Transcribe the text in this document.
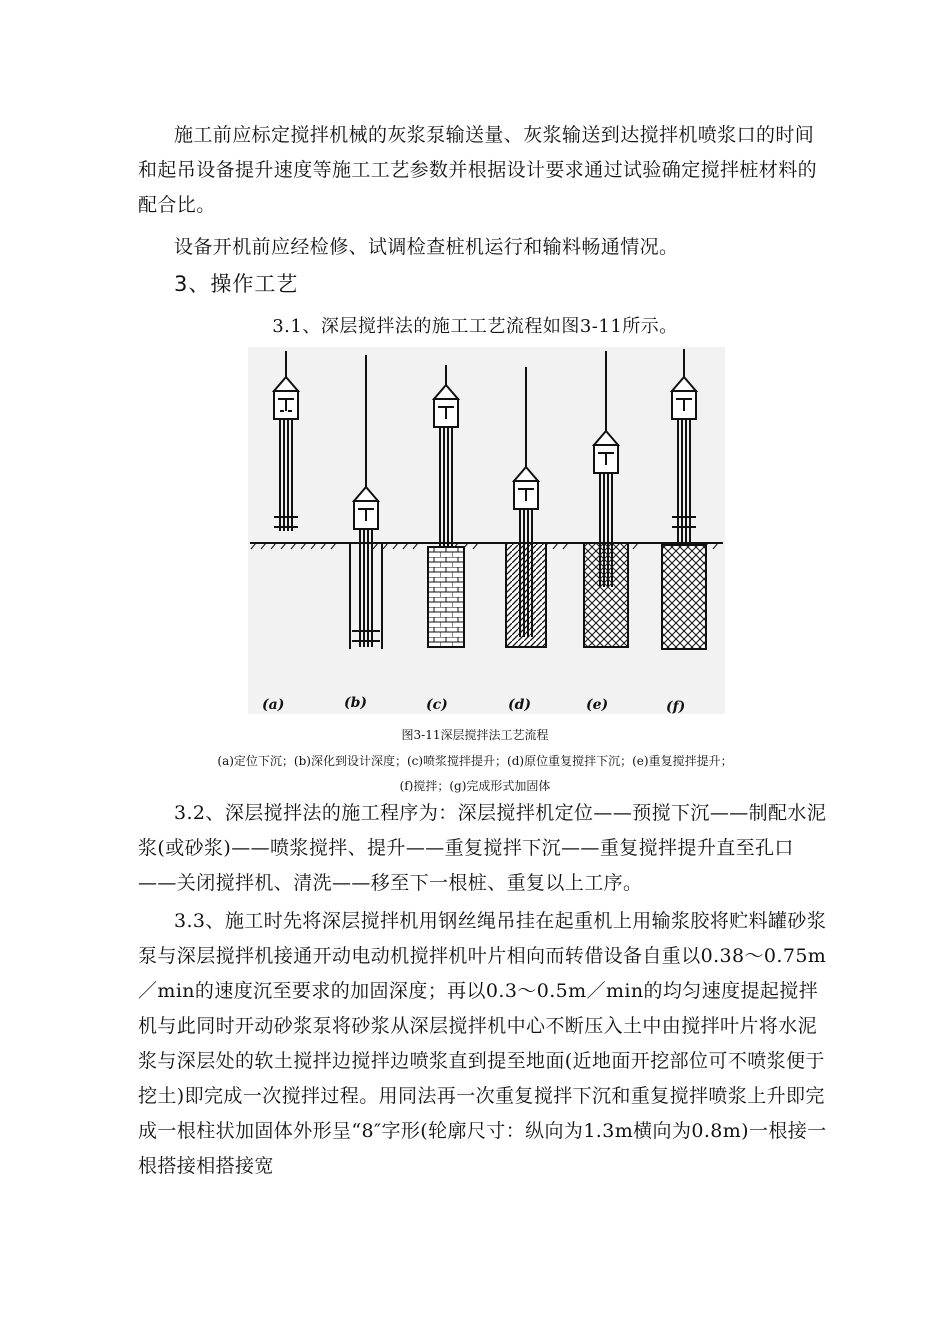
施工前应标定搅拌机械的灰浆泵输送量、灰浆输送到达搅拌机喷浆口的时间和起吊设备提升速度等施工工艺参数并根据设计要求通过试验确定搅拌桩材料的配合比。

设备开机前应经检修、试调检查桩机运行和输料畅通情况。

3、操作工艺

3.1、深层搅拌法的施工工艺流程如图3-11所示。

(a)	(b)	(c)	(d)	(e)	(f)

图3-11深层搅拌法工艺流程

(a)定位下沉；(b)深化到设计深度；(c)喷浆搅拌提升；(d)原位重复搅拌下沉；(e)重复搅拌提升；

(f)搅拌；(g)完成形式加固体

3.2、深层搅拌法的施工程序为：深层搅拌机定位——预搅下沉——制配水泥浆(或砂浆)——喷浆搅拌、提升——重复搅拌下沉——重复搅拌提升直至孔口——关闭搅拌机、清洗——移至下一根桩、重复以上工序。

3.3、施工时先将深层搅拌机用钢丝绳吊挂在起重机上用输浆胶将贮料罐砂浆泵与深层搅拌机接通开动电动机搅拌机叶片相向而转借设备自重以0.38～0.75m／min的速度沉至要求的加固深度；再以0.3～0.5m／min的均匀速度提起搅拌机与此同时开动砂浆泵将砂浆从深层搅拌机中心不断压入土中由搅拌叶片将水泥浆与深层处的软土搅拌边搅拌边喷浆直到提至地面(近地面开挖部位可不喷浆便于挖土)即完成一次搅拌过程。用同法再一次重复搅拌下沉和重复搅拌喷浆上升即完成一根柱状加固体外形呈“8″字形(轮廓尺寸：纵向为1.3m横向为0.8m)一根接一根搭接相搭接宽
